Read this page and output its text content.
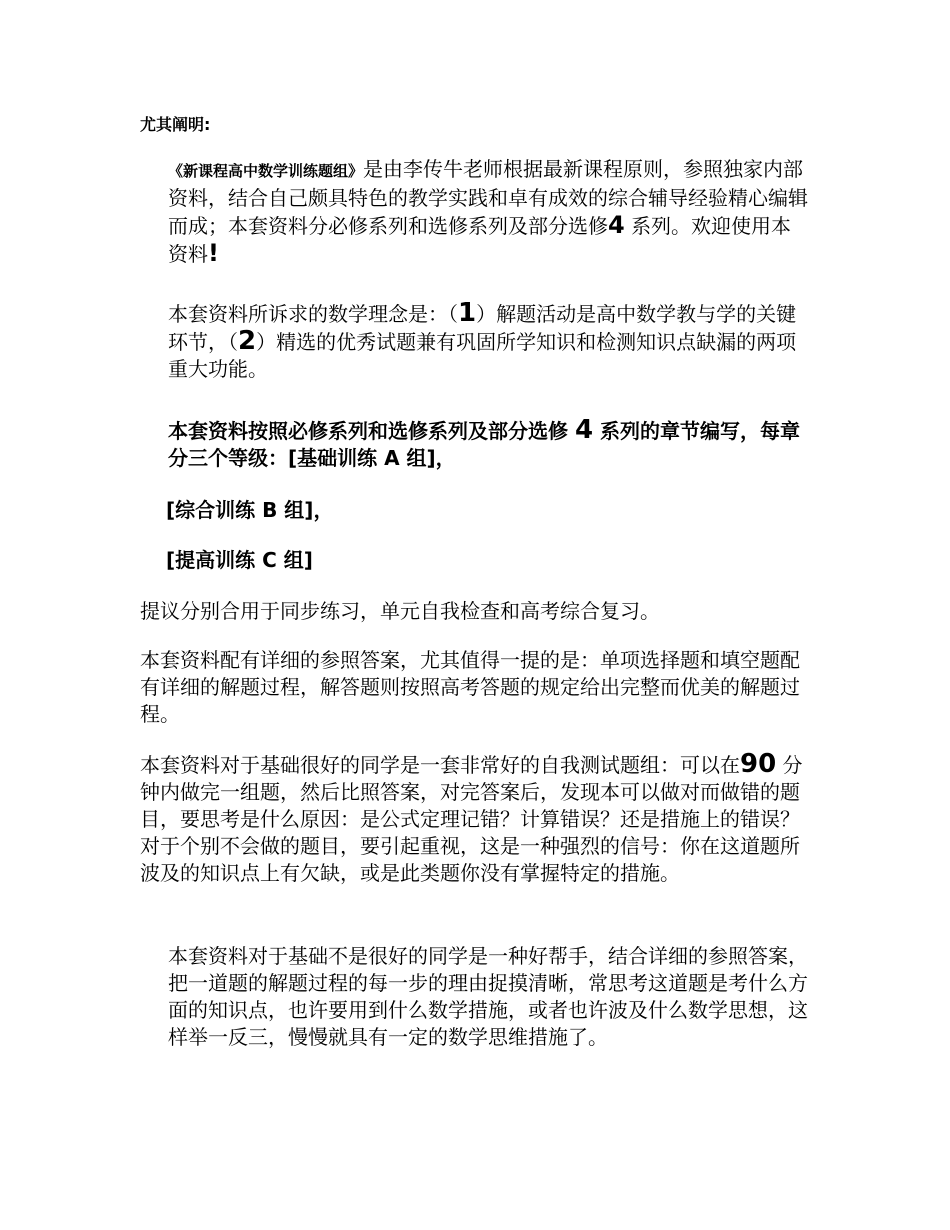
尤其阐明:

《新课程高中数学训练题组》是由李传牛老师根据最新课程原则，参照独家内部资料，结合自己颇具特色的教学实践和卓有成效的综合辅导经验精心编辑而成；本套资料分必修系列和选修系列及部分选修4 系列。欢迎使用本资料!

本套资料所诉求的数学理念是：（1）解题活动是高中数学教与学的关键环节，（2）精选的优秀试题兼有巩固所学知识和检测知识点缺漏的两项重大功能。

本套资料按照必修系列和选修系列及部分选修 4 系列的章节编写，每章分三个等级：[基础训练 A 组]，

[综合训练 B 组]，
[提高训练 C 组]

提议分别合用于同步练习，单元自我检查和高考综合复习。

本套资料配有详细的参照答案，尤其值得一提的是：单项选择题和填空题配有详细的解题过程，解答题则按照高考答题的规定给出完整而优美的解题过程。

本套资料对于基础很好的同学是一套非常好的自我测试题组：可以在90 分钟内做完一组题，然后比照答案，对完答案后，发现本可以做对而做错的题目，要思考是什么原因：是公式定理记错？计算错误？还是措施上的错误？对于个别不会做的题目，要引起重视，这是一种强烈的信号：你在这道题所波及的知识点上有欠缺，或是此类题你没有掌握特定的措施。

本套资料对于基础不是很好的同学是一种好帮手，结合详细的参照答案，把一道题的解题过程的每一步的理由捉摸清晰，常思考这道题是考什么方面的知识点，也许要用到什么数学措施，或者也许波及什么数学思想，这样举一反三，慢慢就具有一定的数学思维措施了。
